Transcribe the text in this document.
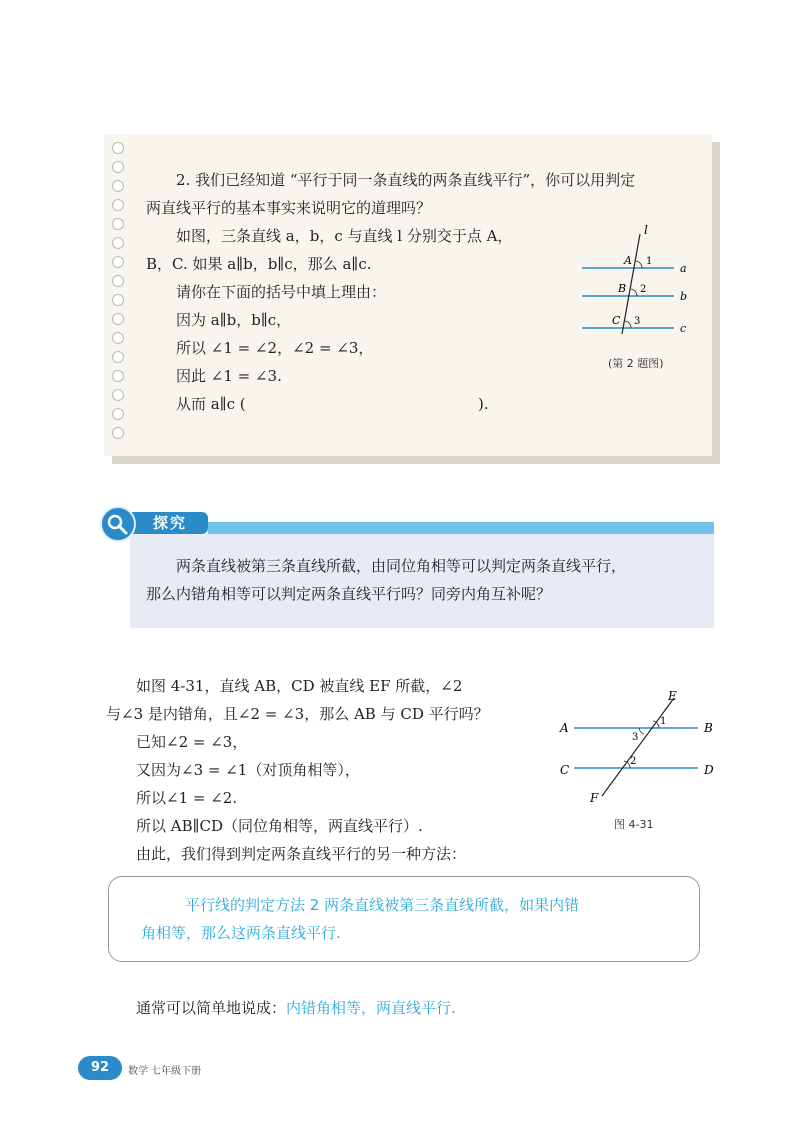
2. 我们已经知道 “平行于同一条直线的两条直线平行”，你可以用判定
两直线平行的基本事实来说明它的道理吗？
如图，三条直线 a，b，c 与直线 l 分别交于点 A，
B，C. 如果 a∥b，b∥c，那么 a∥c.
请你在下面的括号中填上理由：
因为 a∥b，b∥c，
所以 ∠1 = ∠2，∠2 = ∠3，
因此 ∠1 = ∠3.
从而 a∥c (	).
l
a
b
c
A
B
C
1
2
3
(第 2 题图)
探究
两条直线被第三条直线所截，由同位角相等可以判定两条直线平行，
那么内错角相等可以判定两条直线平行吗？同旁内角互补呢？
如图 4-31，直线 AB，CD 被直线 EF 所截，∠2
与∠3 是内错角，且∠2 = ∠3，那么 AB 与 CD 平行吗？
已知∠2 = ∠3，
又因为∠3 = ∠1（对顶角相等），
所以∠1 = ∠2.
所以 AB∥CD（同位角相等，两直线平行）.
由此，我们得到判定两条直线平行的另一种方法：
E
A	B
C	D
F
1
3
2
图 4-31
平行线的判定方法 2 两条直线被第三条直线所截，如果内错
角相等，那么这两条直线平行.
通常可以简单地说成：内错角相等，两直线平行.
92	数学 七年级下册
